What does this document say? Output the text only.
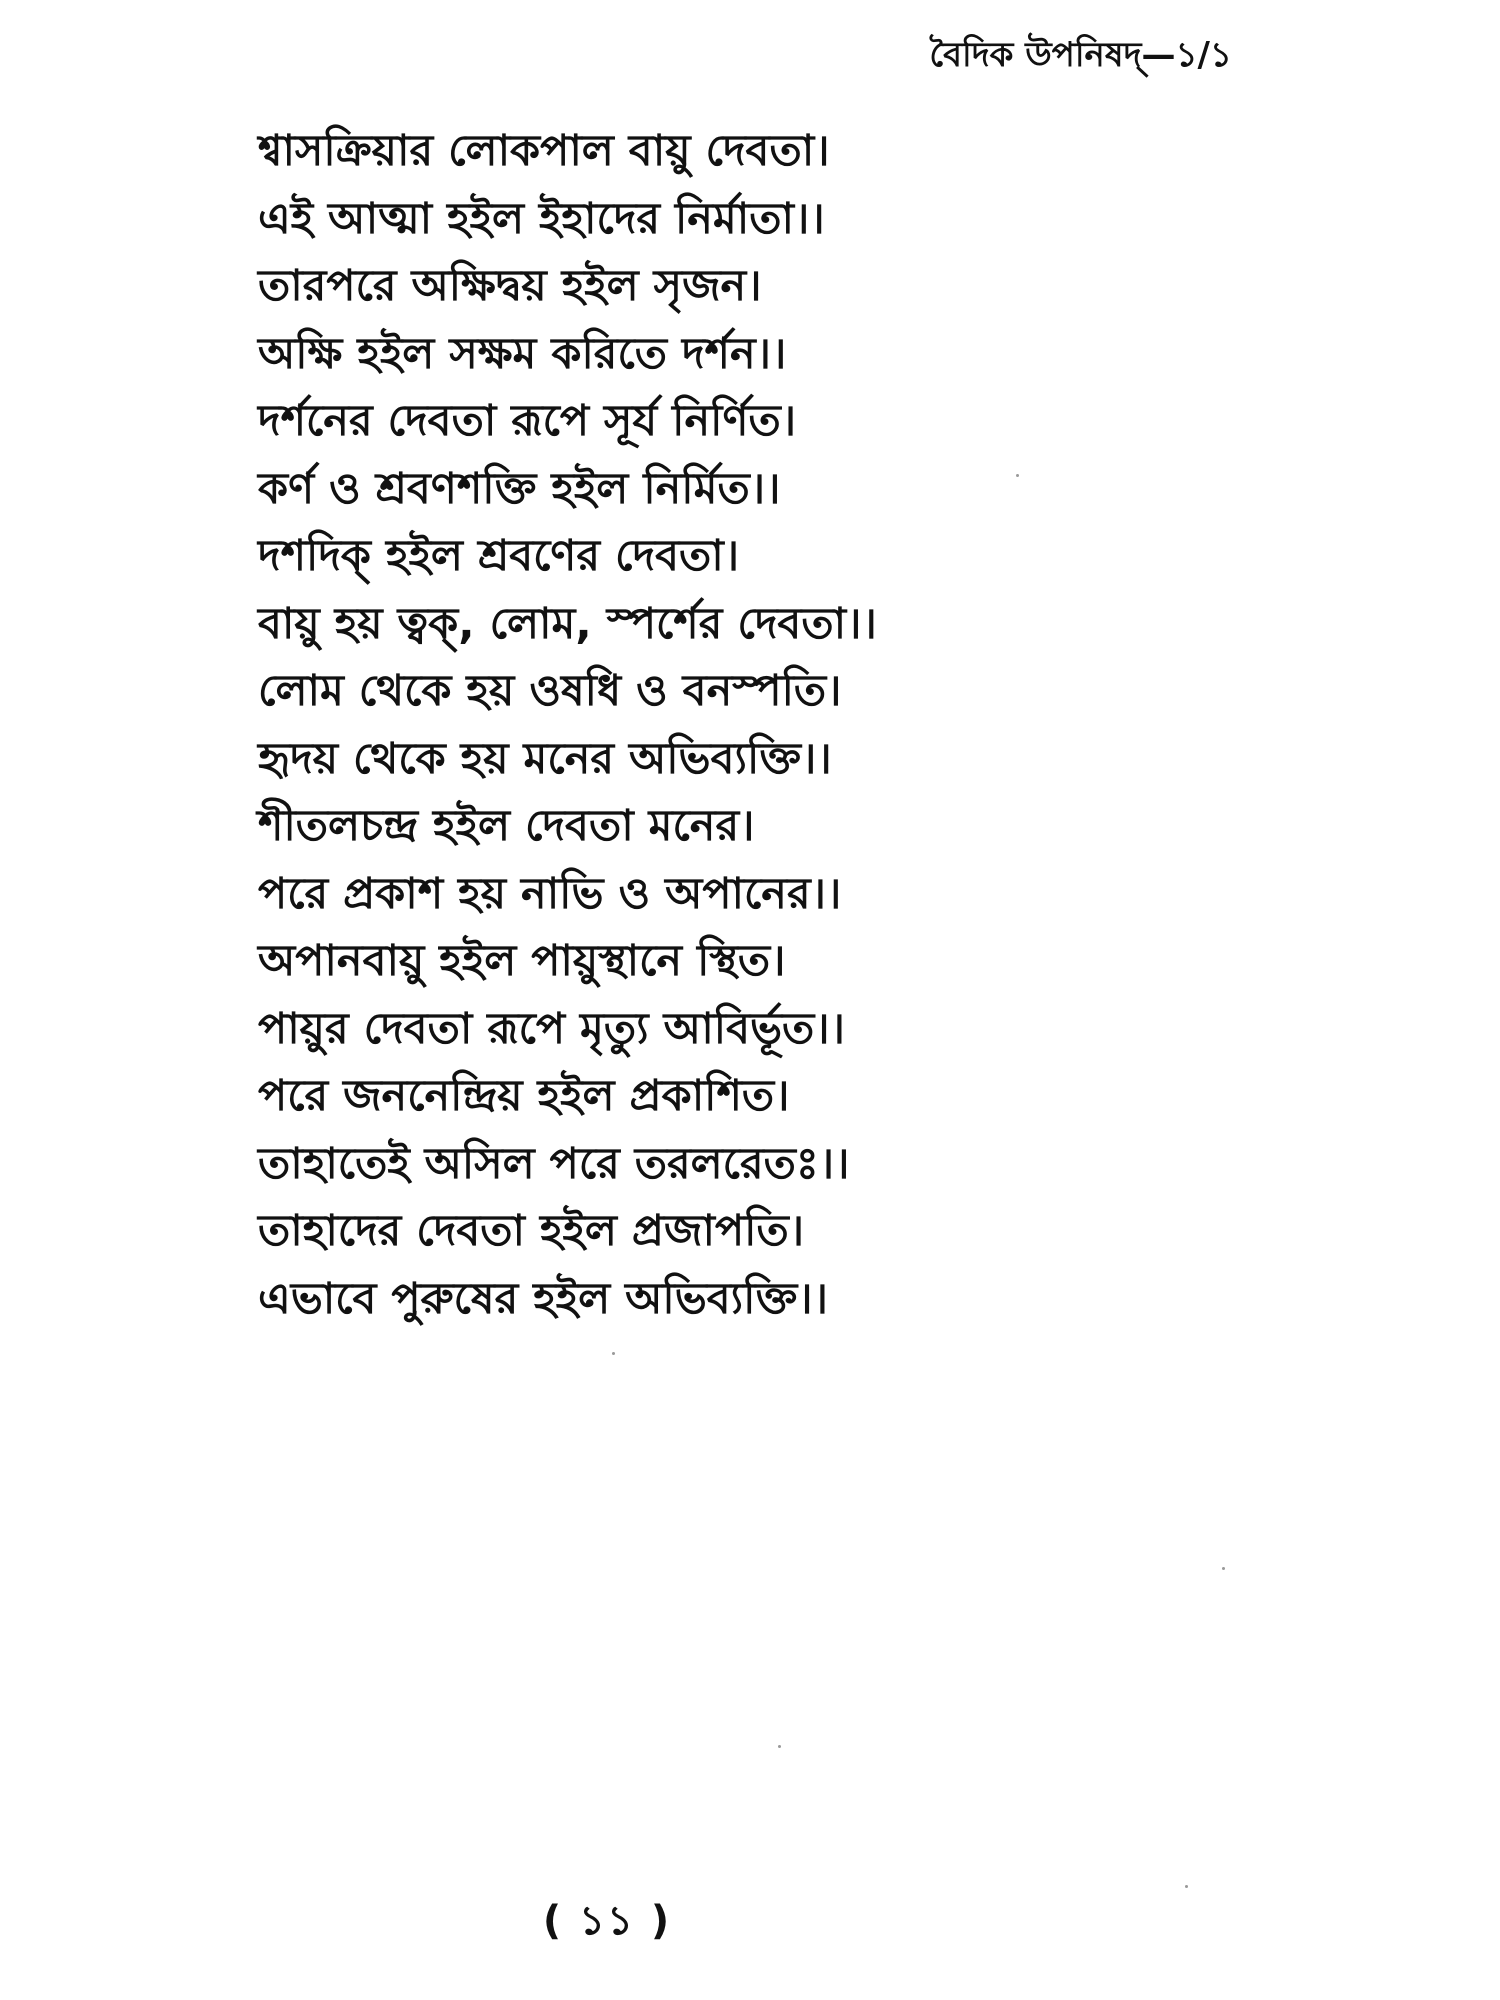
বৈদিক উপনিষদ্‌—১/১
শ্বাসক্রিয়ার লোকপাল বায়ু দেবতা।
এই আত্মা হইল ইহাদের নির্মাতা।।
তারপরে অক্ষিদ্বয় হইল সৃজন।
অক্ষি হইল সক্ষম করিতে দর্শন।।
দর্শনের দেবতা রূপে সূর্য নির্ণিত।
কর্ণ ও শ্রবণশক্তি হইল নির্মিত।।
দশদিক্‌ হইল শ্রবণের দেবতা।
বায়ু হয় ত্বক্‌, লোম, স্পর্শের দেবতা।।
লোম থেকে হয় ওষধি ও বনস্পতি।
হৃদয় থেকে হয় মনের অভিব্যক্তি।।
শীতলচন্দ্র হইল দেবতা মনের।
পরে প্রকাশ হয় নাভি ও অপানের।।
অপানবায়ু হইল পায়ুস্থানে স্থিত।
পায়ুর দেবতা রূপে মৃত্যু আবির্ভূত।।
পরে জননেন্দ্রিয় হইল প্রকাশিত।
তাহাতেই অসিল পরে তরলরেতঃ।।
তাহাদের দেবতা হইল প্রজাপতি।
এভাবে পুরুষের হইল অভিব্যক্তি।।
( ১১ )
